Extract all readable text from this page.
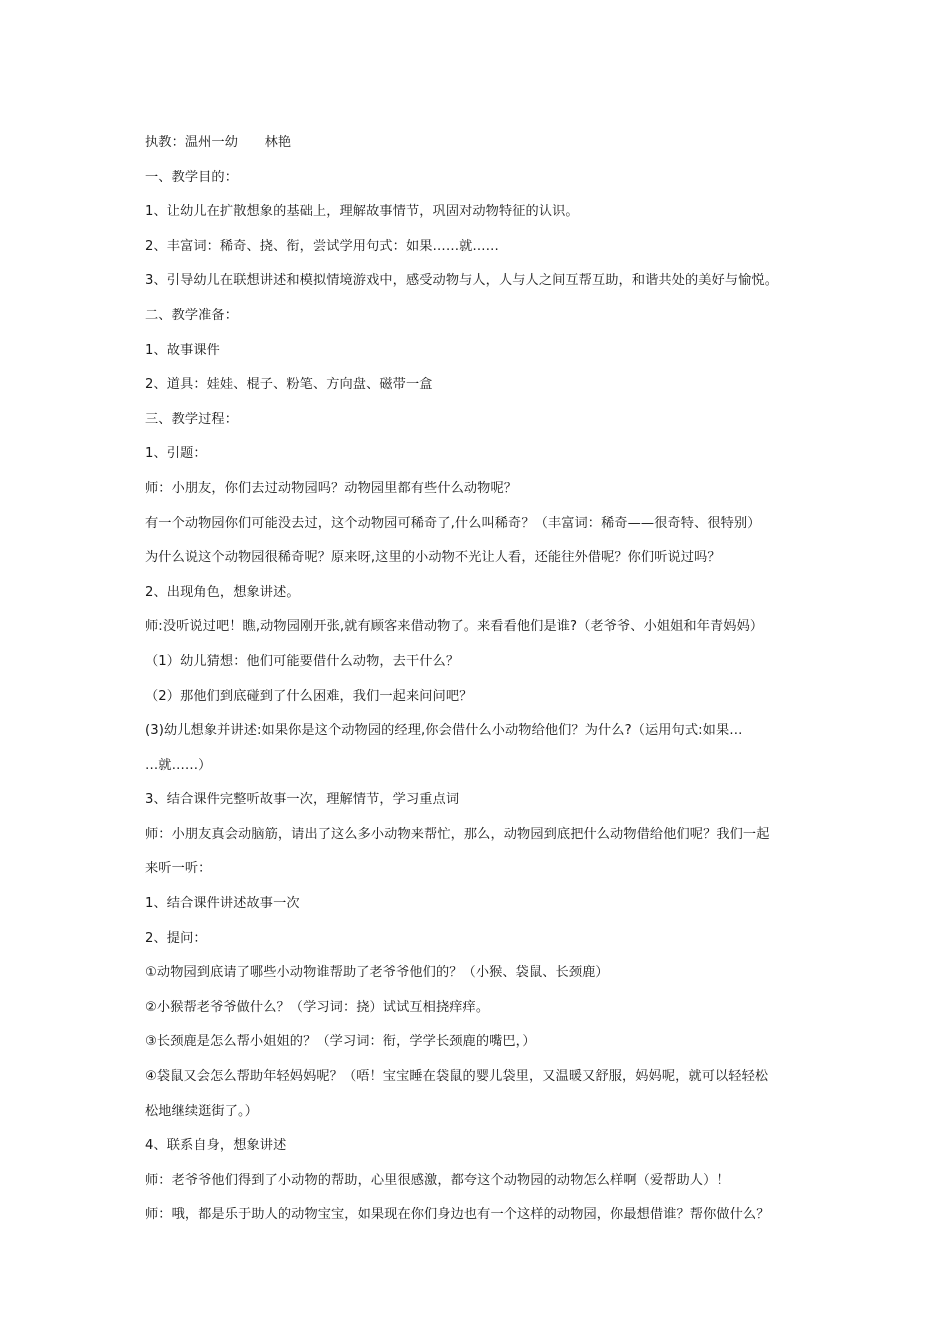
执教：温州一幼　　林艳

一、教学目的：

1、让幼儿在扩散想象的基础上，理解故事情节，巩固对动物特征的认识。

2、丰富词：稀奇、挠、衔，尝试学用句式：如果……就……

3、引导幼儿在联想讲述和模拟情境游戏中，感受动物与人，人与人之间互帮互助，和谐共处的美好与愉悦。

二、教学准备：

1、故事课件

2、道具：娃娃、棍子、粉笔、方向盘、磁带一盒

三、教学过程：

1、引题：

师：小朋友，你们去过动物园吗？动物园里都有些什么动物呢？

有一个动物园你们可能没去过，这个动物园可稀奇了,什么叫稀奇？（丰富词：稀奇——很奇特、很特别）

为什么说这个动物园很稀奇呢？原来呀,这里的小动物不光让人看，还能往外借呢？你们听说过吗？

2、出现角色，想象讲述。

师:没听说过吧！瞧,动物园刚开张,就有顾客来借动物了。来看看他们是谁?（老爷爷、小姐姐和年青妈妈）

（1）幼儿猜想：他们可能要借什么动物，去干什么？

（2）那他们到底碰到了什么困难，我们一起来问问吧？

(3)幼儿想象并讲述:如果你是这个动物园的经理,你会借什么小动物给他们？为什么?（运用句式:如果…

…就……）

3、结合课件完整听故事一次，理解情节，学习重点词

师：小朋友真会动脑筋，请出了这么多小动物来帮忙，那么，动物园到底把什么动物借给他们呢？我们一起

来听一听：

1、结合课件讲述故事一次

2、提问：

①动物园到底请了哪些小动物谁帮助了老爷爷他们的？（小猴、袋鼠、长颈鹿）

②小猴帮老爷爷做什么？（学习词：挠）试试互相挠痒痒。

③长颈鹿是怎么帮小姐姐的？（学习词：衔，学学长颈鹿的嘴巴，）

④袋鼠又会怎么帮助年轻妈妈呢？（唔！宝宝睡在袋鼠的婴儿袋里，又温暖又舒服，妈妈呢，就可以轻轻松

松地继续逛街了。）

4、联系自身，想象讲述

师：老爷爷他们得到了小动物的帮助，心里很感激，都夸这个动物园的动物怎么样啊（爱帮助人）！

师：哦，都是乐于助人的动物宝宝，如果现在你们身边也有一个这样的动物园，你最想借谁？帮你做什么？
